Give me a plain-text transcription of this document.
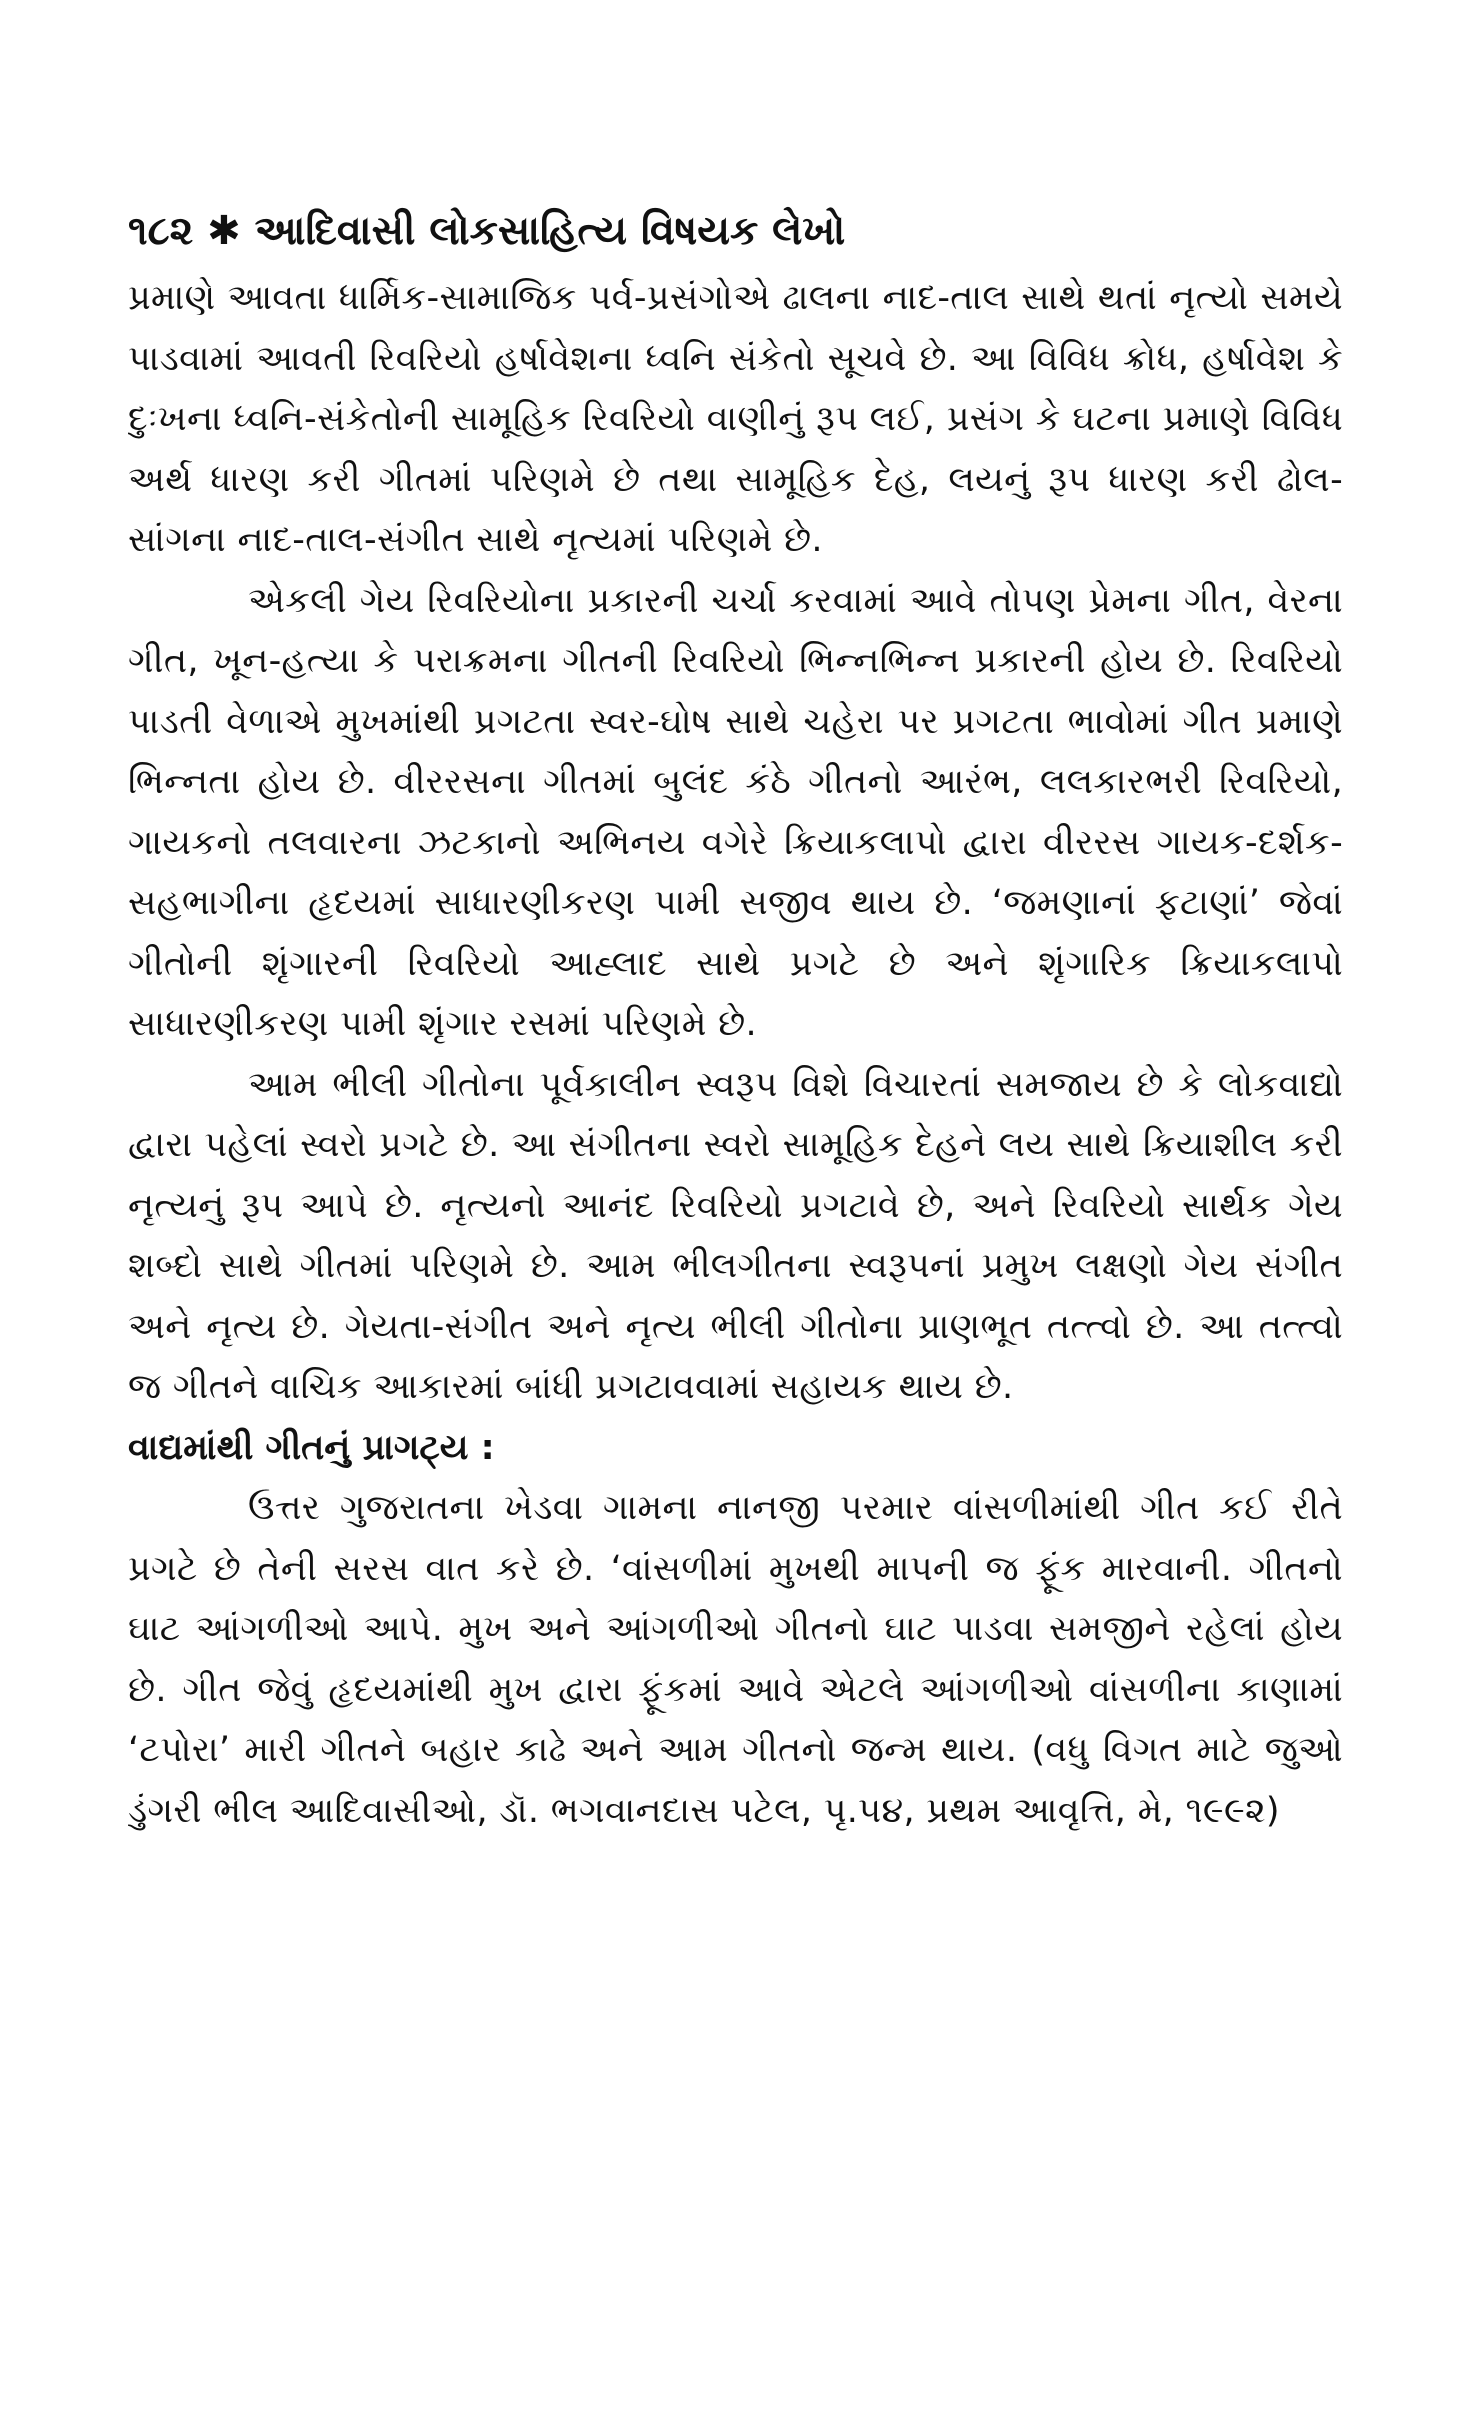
૧૮૨ ✱ આદિવાસી લોકસાહિત્ય વિષયક લેખો

પ્રમાણે આવતા ધાર્મિક-સામાજિક પર્વ-પ્રસંગોએ ઢાલના નાદ-તાલ સાથે થતાં નૃત્યો સમયે પાડવામાં આવતી રિવરિયો હર્ષાવેશના ધ્વનિ સંકેતો સૂચવે છે. આ વિવિધ ક્રોધ, હર્ષાવેશ કે દુઃખના ધ્વનિ-સંકેતોની સામૂહિક રિવરિયો વાણીનું રૂપ લઈ, પ્રસંગ કે ઘટના પ્રમાણે વિવિધ અર્થ ધારણ કરી ગીતમાં પરિણમે છે તથા સામૂહિક દેહ, લયનું રૂપ ધારણ કરી ઢોલ-સાંગના નાદ-તાલ-સંગીત સાથે નૃત્યમાં પરિણમે છે.

એકલી ગેય રિવરિયોના પ્રકારની ચર્ચા કરવામાં આવે તોપણ પ્રેમના ગીત, વેરના ગીત, ખૂન-હત્યા કે પરાક્રમના ગીતની રિવરિયો ભિન્નભિન્ન પ્રકારની હોય છે. રિવરિયો પાડતી વેળાએ મુખમાંથી પ્રગટતા સ્વર-ઘોષ સાથે ચહેરા પર પ્રગટતા ભાવોમાં ગીત પ્રમાણે ભિન્નતા હોય છે. વીરરસના ગીતમાં બુલંદ કંઠે ગીતનો આરંભ, લલકારભરી રિવરિયો, ગાયકનો તલવારના ઝટકાનો અભિનય વગેરે ક્રિયાકલાપો દ્વારા વીરરસ ગાયક-દર્શક-સહભાગીના હૃદયમાં સાધારણીકરણ પામી સજીવ થાય છે. ‘જમણાનાં ફટાણાં’ જેવાં ગીતોની શૃંગારની રિવરિયો આહ્લાદ સાથે પ્રગટે છે અને શૃંગારિક ક્રિયાકલાપો સાધારણીકરણ પામી શૃંગાર રસમાં પરિણમે છે.

આમ ભીલી ગીતોના પૂર્વકાલીન સ્વરૂપ વિશે વિચારતાં સમજાય છે કે લોકવાદ્યો દ્વારા પહેલાં સ્વરો પ્રગટે છે. આ સંગીતના સ્વરો સામૂહિક દેહને લય સાથે ક્રિયાશીલ કરી નૃત્યનું રૂપ આપે છે. નૃત્યનો આનંદ રિવરિયો પ્રગટાવે છે, અને રિવરિયો સાર્થક ગેય શબ્દો સાથે ગીતમાં પરિણમે છે. આમ ભીલગીતના સ્વરૂપનાં પ્રમુખ લક્ષણો ગેય સંગીત અને નૃત્ય છે. ગેયતા-સંગીત અને નૃત્ય ભીલી ગીતોના પ્રાણભૂત તત્ત્વો છે. આ તત્ત્વો જ ગીતને વાચિક આકારમાં બાંધી પ્રગટાવવામાં સહાયક થાય છે.

વાદ્યમાંથી ગીતનું પ્રાગટ્ય :

ઉત્તર ગુજરાતના ખેડવા ગામના નાનજી પરમાર વાંસળીમાંથી ગીત કઈ રીતે પ્રગટે છે તેની સરસ વાત કરે છે. ‘વાંસળીમાં મુખથી માપની જ ફૂંક મારવાની. ગીતનો ઘાટ આંગળીઓ આપે. મુખ અને આંગળીઓ ગીતનો ઘાટ પાડવા સમજીને રહેલાં હોય છે. ગીત જેવું હૃદયમાંથી મુખ દ્વારા ફૂંકમાં આવે એટલે આંગળીઓ વાંસળીના કાણામાં ‘ટપોરા’ મારી ગીતને બહાર કાઢે અને આમ ગીતનો જન્મ થાય. (વધુ વિગત માટે જુઓ ડુંગરી ભીલ આદિવાસીઓ, ડૉ. ભગવાનદાસ પટેલ, પૃ.૫૪, પ્રથમ આવૃત્તિ, મે, ૧૯૯૨)
